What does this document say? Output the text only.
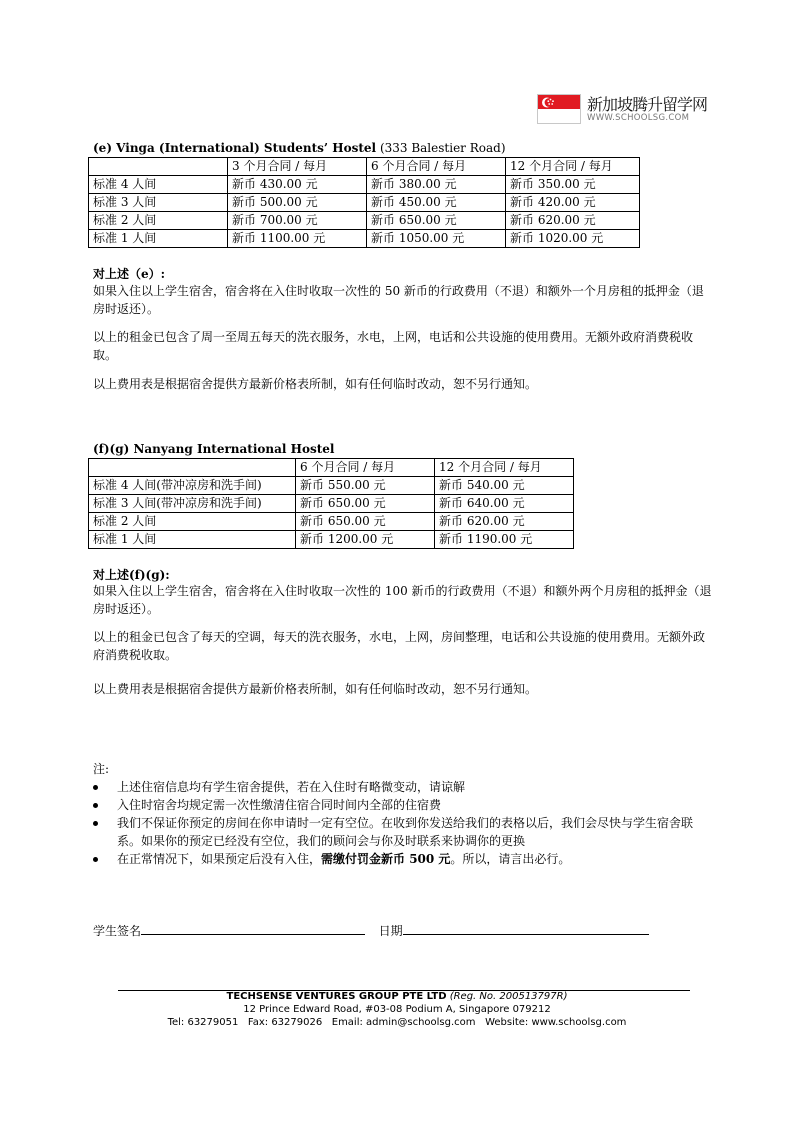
新加坡腾升留学网
WWW.SCHOOLSG.COM
(e) Vinga (International) Students’ Hostel (333 Balestier Road)
	3 个月合同 / 每月	6 个月合同 / 每月	12 个月合同 / 每月
标准 4 人间	新币 430.00 元	新币 380.00 元	新币 350.00 元
标准 3 人间	新币 500.00 元	新币 450.00 元	新币 420.00 元
标准 2 人间	新币 700.00 元	新币 650.00 元	新币 620.00 元
标准 1 人间	新币 1100.00 元	新币 1050.00 元	新币 1020.00 元
对上述（e）:
如果入住以上学生宿舍，宿舍将在入住时收取一次性的 50 新币的行政费用（不退）和额外一个月房租的抵押金（退房时返还）。
以上的租金已包含了周一至周五每天的洗衣服务，水电，上网，电话和公共设施的使用费用。无额外政府消费税收取。
以上费用表是根据宿舍提供方最新价格表所制，如有任何临时改动，恕不另行通知。
(f)(g) Nanyang International Hostel
	6 个月合同 / 每月	12 个月合同 / 每月
标准 4 人间(带冲凉房和洗手间)	新币 550.00 元	新币 540.00 元
标准 3 人间(带冲凉房和洗手间)	新币 650.00 元	新币 640.00 元
标准 2 人间	新币 650.00 元	新币 620.00 元
标准 1 人间	新币 1200.00 元	新币 1190.00 元
对上述(f)(g):
如果入住以上学生宿舍，宿舍将在入住时收取一次性的 100 新币的行政费用（不退）和额外两个月房租的抵押金（退房时返还）。
以上的租金已包含了每天的空调，每天的洗衣服务，水电，上网，房间整理，电话和公共设施的使用费用。无额外政府消费税收取。
以上费用表是根据宿舍提供方最新价格表所制，如有任何临时改动，恕不另行通知。
注:
上述住宿信息均有学生宿舍提供，若在入住时有略微变动，请谅解
入住时宿舍均规定需一次性缴清住宿合同时间内全部的住宿费
我们不保证你预定的房间在你申请时一定有空位。在收到你发送给我们的表格以后，我们会尽快与学生宿舍联系。如果你的预定已经没有空位，我们的顾问会与你及时联系来协调你的更换
在正常情况下，如果预定后没有入住，需缴付罚金新币 500 元。所以，请言出必行。
学生签名	日期
TECHSENSE VENTURES GROUP PTE LTD (Reg. No. 200513797R)
12 Prince Edward Road, #03-08 Podium A, Singapore 079212
Tel: 63279051   Fax: 63279026   Email: admin@schoolsg.com   Website: www.schoolsg.com
